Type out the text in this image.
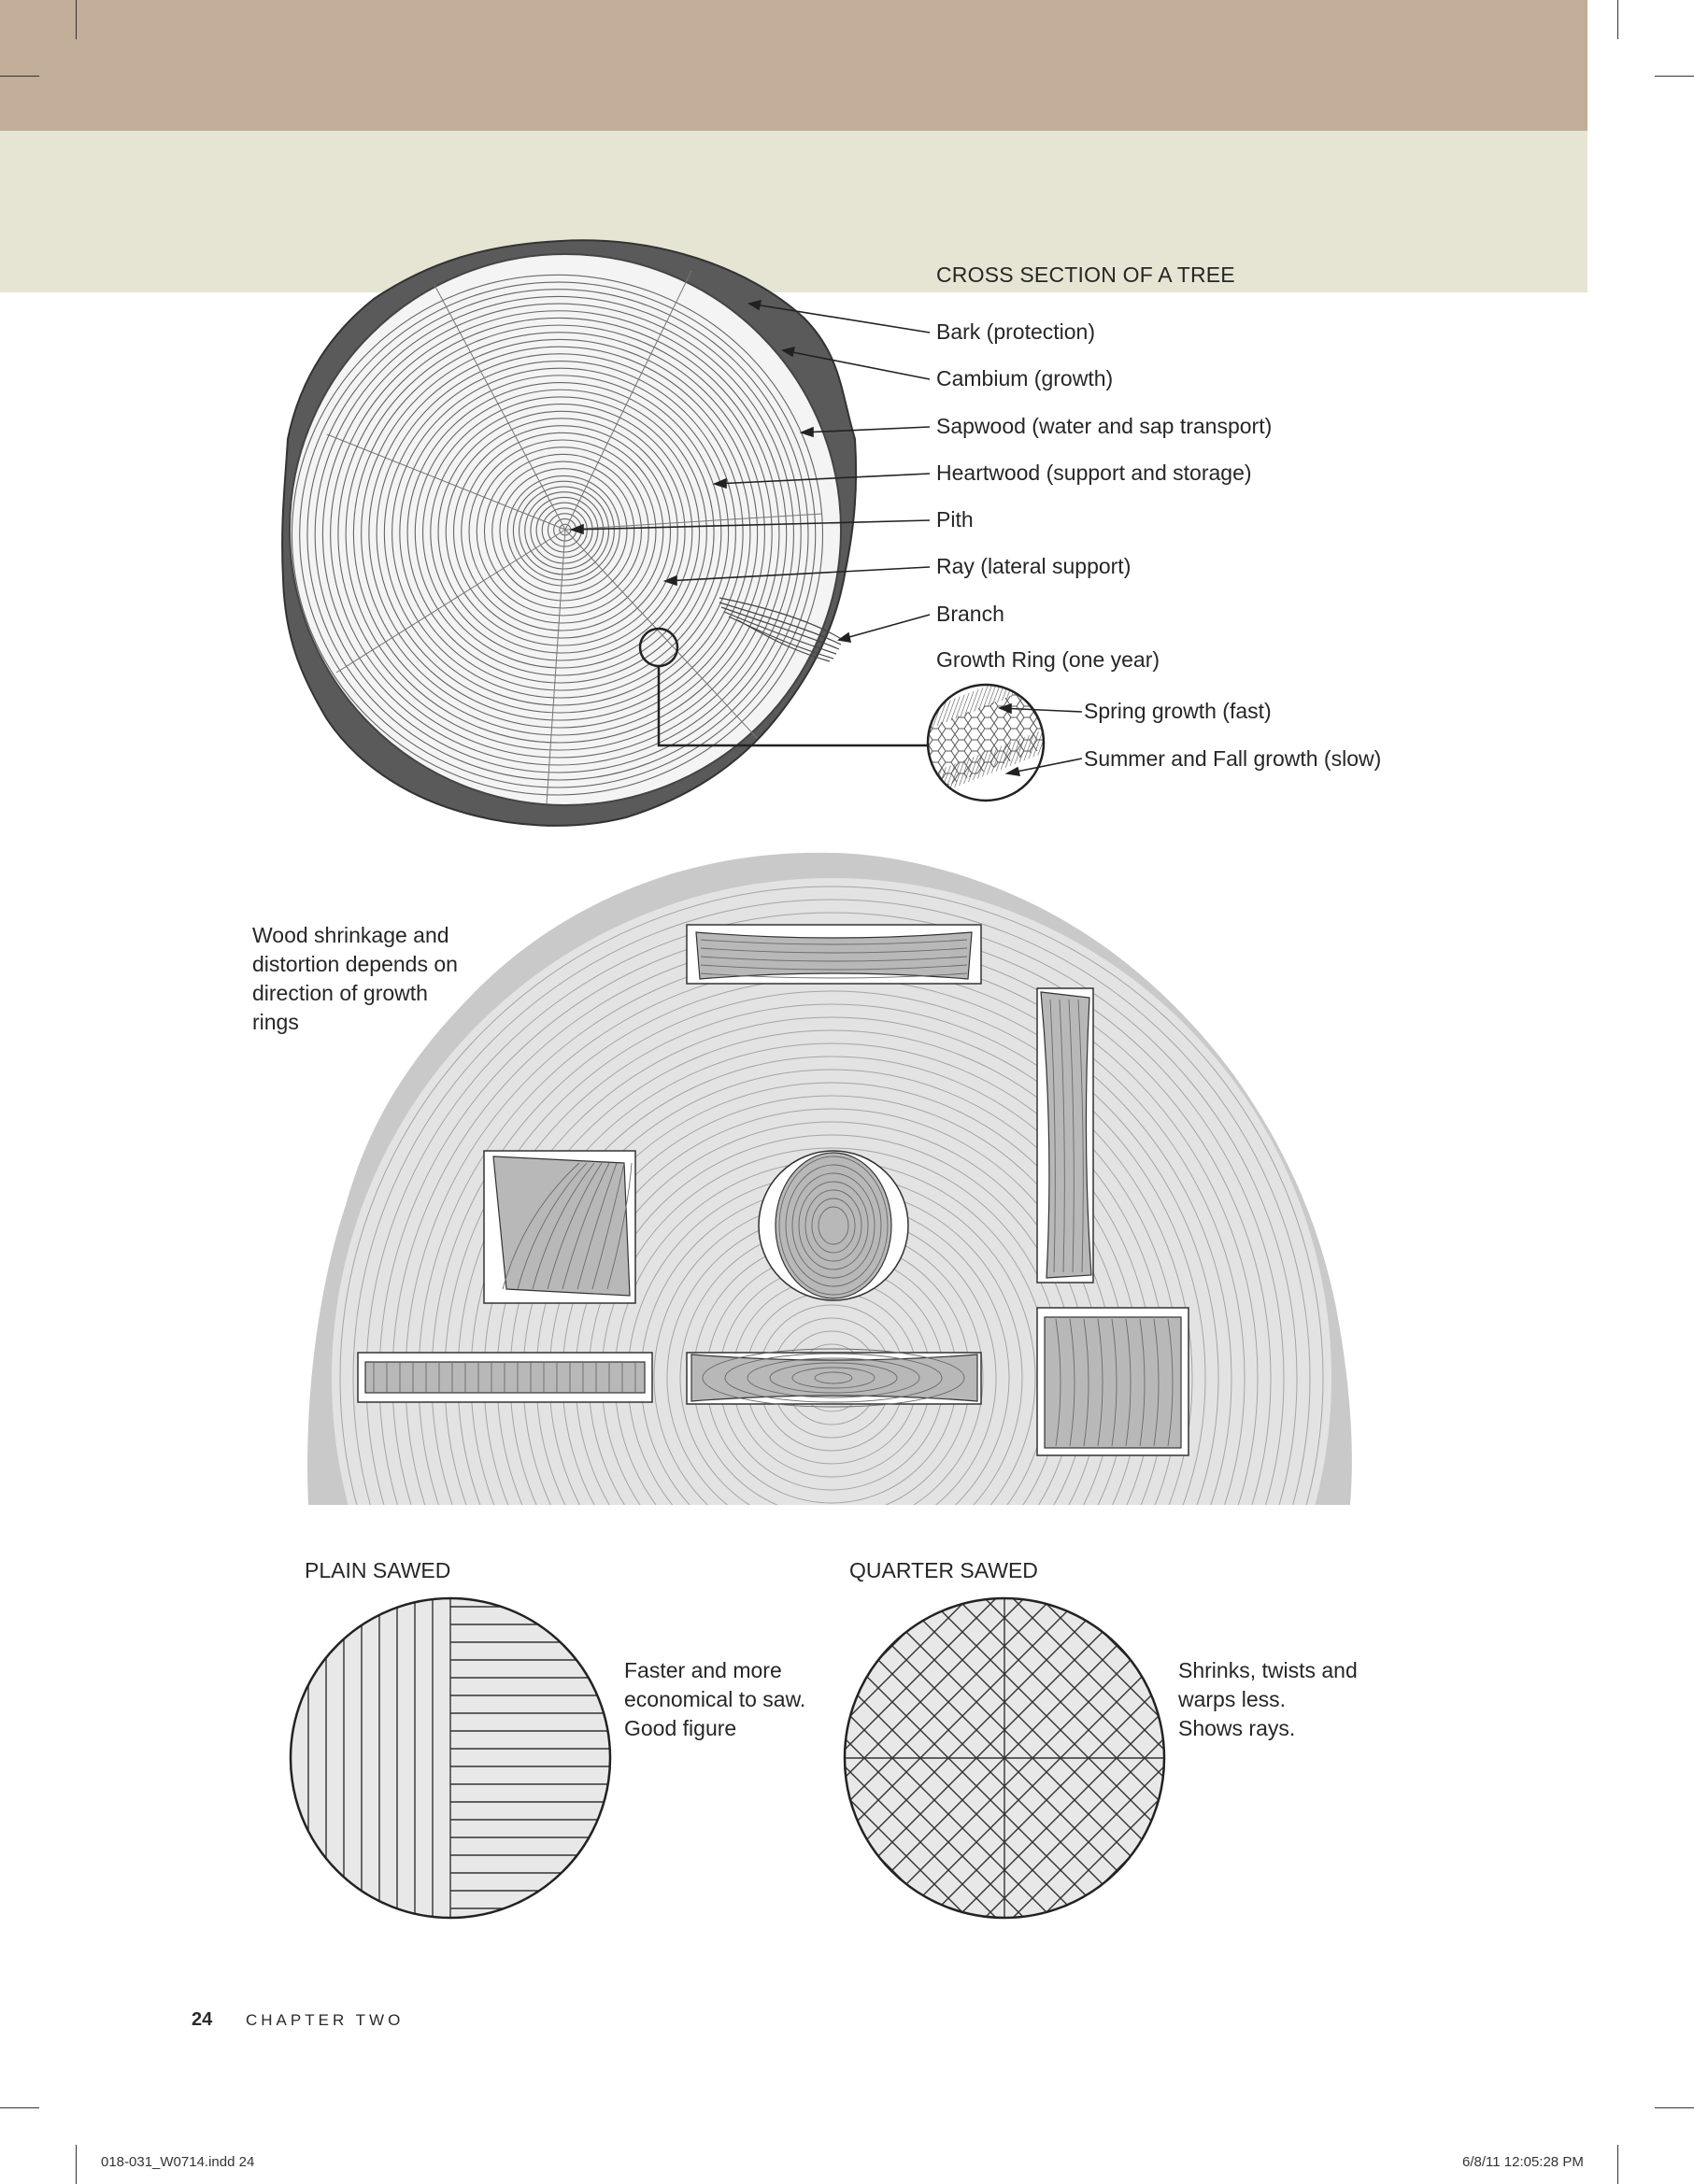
CROSS SECTION OF A TREE
Bark (protection)
Cambium (growth)
Sapwood (water and sap transport)
Heartwood (support and storage)
Pith
Ray (lateral support)
Branch
Growth Ring (one year)
Spring growth (fast)
Summer and Fall growth (slow)
Wood shrinkage and
distortion depends on
direction of growth
rings
PLAIN SAWED
Faster and more
economical to saw.
Good figure
QUARTER SAWED
Shrinks, twists and
warps less.
Shows rays.
24 CHAPTER TWO
018-031_W0714.indd 24	6/8/11 12:05:28 PM
